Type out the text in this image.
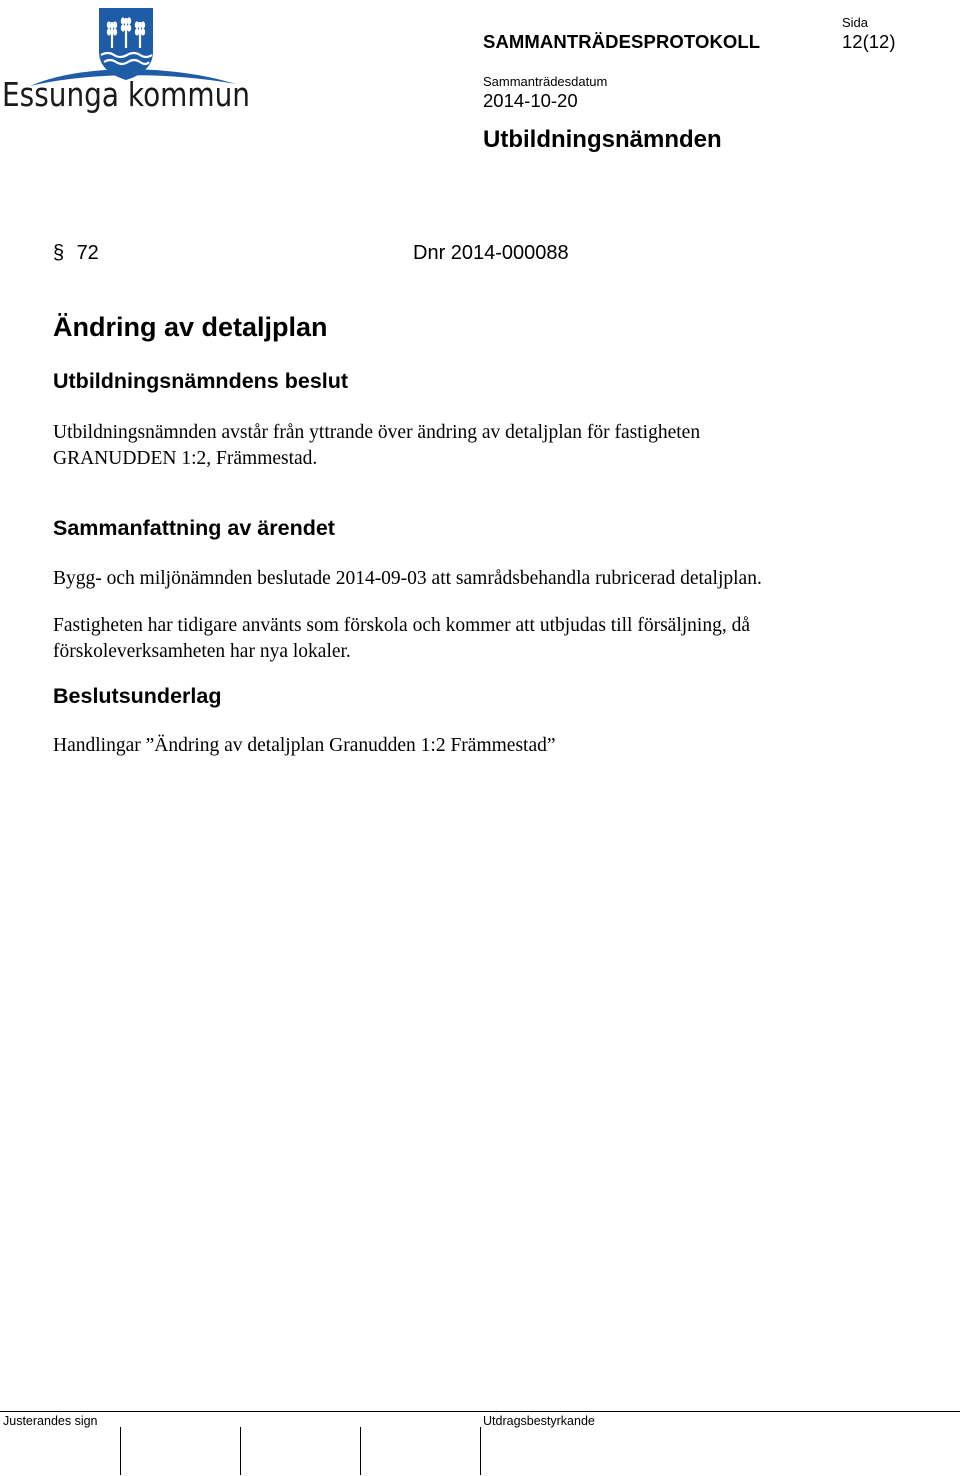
Essunga kommun
SAMMANTRÄDESPROTOKOLL
Sida
12(12)
Sammanträdesdatum
2014-10-20
Utbildningsnämnden
§ 72	Dnr 2014-000088
Ändring av detaljplan
Utbildningsnämndens beslut
Utbildningsnämnden avstår från yttrande över ändring av detaljplan för fastigheten GRANUDDEN 1:2, Främmestad.
Sammanfattning av ärendet
Bygg- och miljönämnden beslutade 2014-09-03 att samrådsbehandla rubricerad detaljplan.
Fastigheten har tidigare använts som förskola och kommer att utbjudas till försäljning, då förskoleverksamheten har nya lokaler.
Beslutsunderlag
Handlingar ”Ändring av detaljplan Granudden 1:2 Främmestad”
Justerandes sign	Utdragsbestyrkande
